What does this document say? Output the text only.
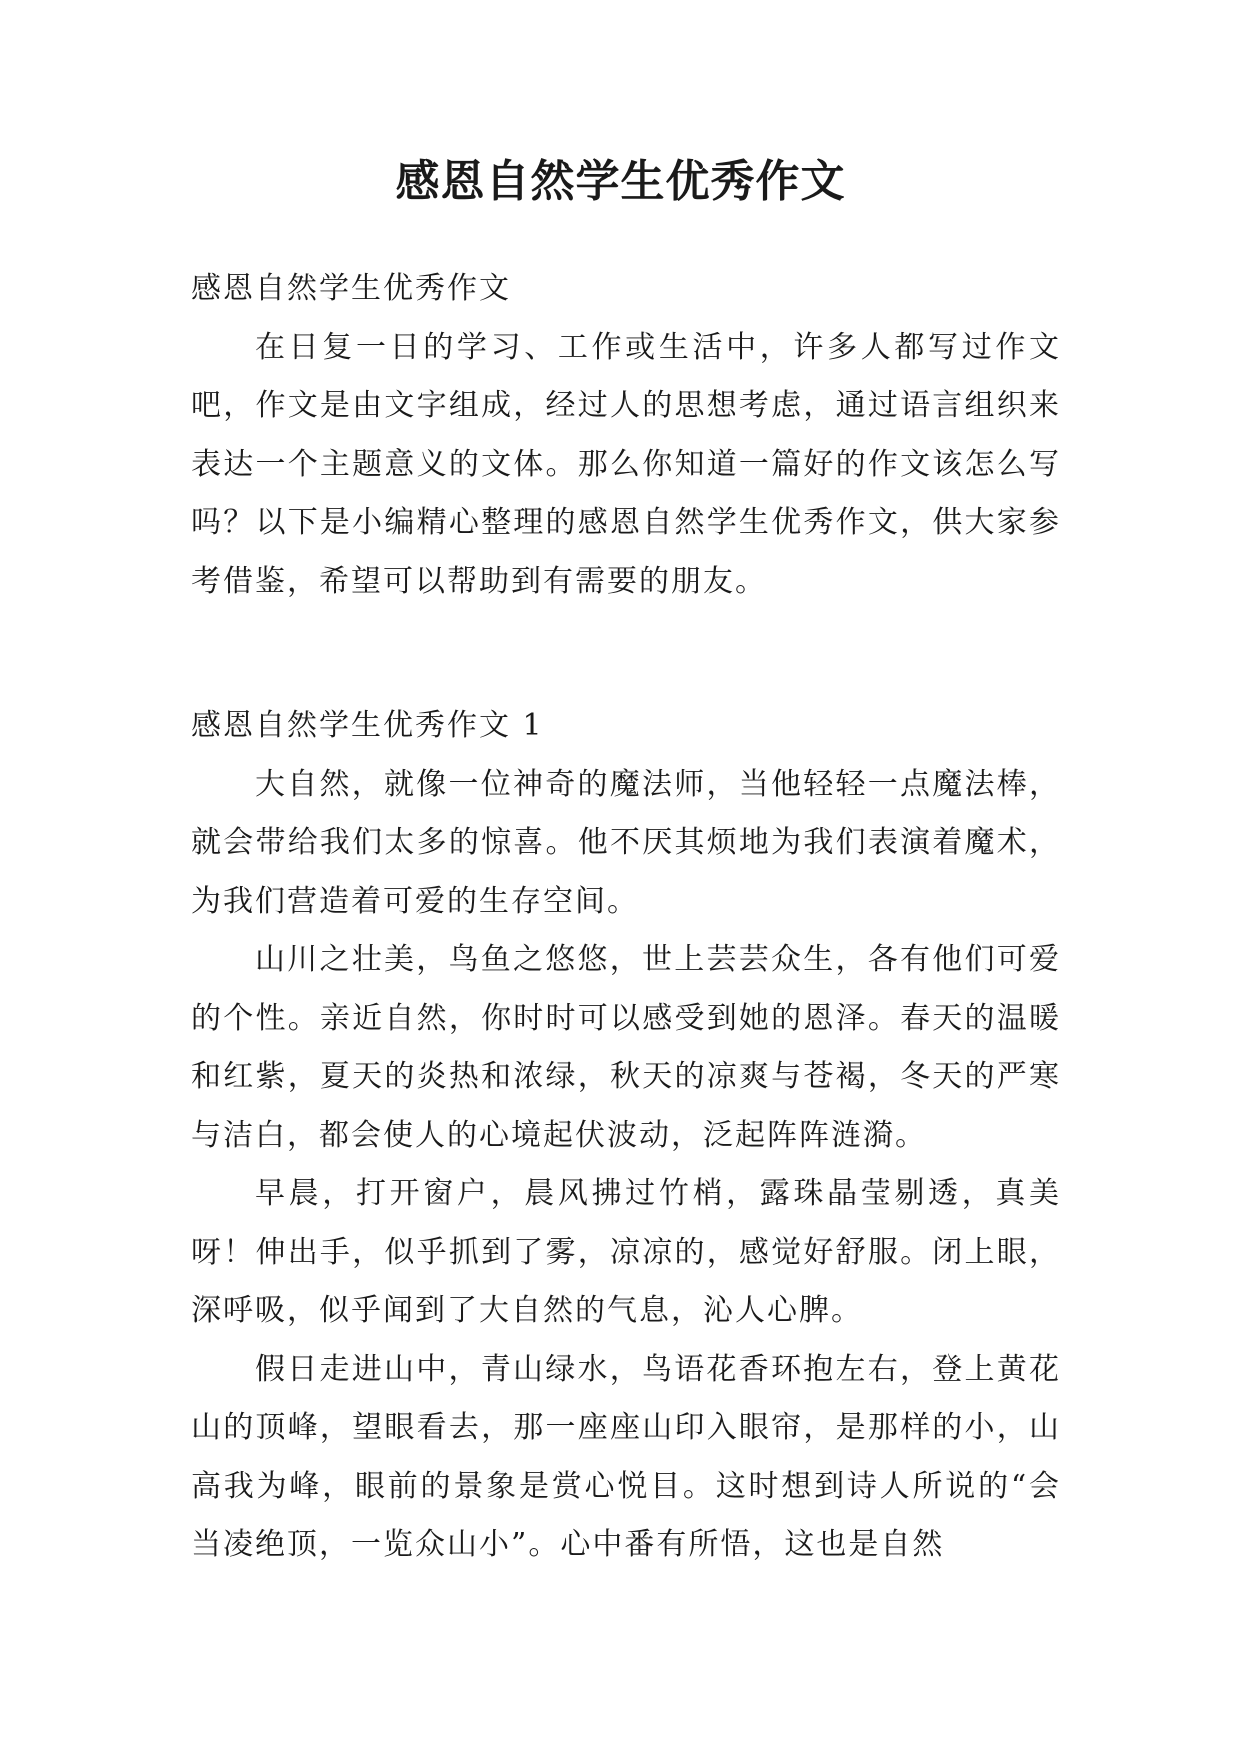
感恩自然学生优秀作文

感恩自然学生优秀作文

在日复一日的学习、工作或生活中，许多人都写过作文吧，作文是由文字组成，经过人的思想考虑，通过语言组织来表达一个主题意义的文体。那么你知道一篇好的作文该怎么写吗？以下是小编精心整理的感恩自然学生优秀作文，供大家参考借鉴，希望可以帮助到有需要的朋友。

感恩自然学生优秀作文 1

大自然，就像一位神奇的魔法师，当他轻轻一点魔法棒，就会带给我们太多的惊喜。他不厌其烦地为我们表演着魔术，为我们营造着可爱的生存空间。

山川之壮美，鸟鱼之悠悠，世上芸芸众生，各有他们可爱的个性。亲近自然，你时时可以感受到她的恩泽。春天的温暖和红紫，夏天的炎热和浓绿，秋天的凉爽与苍褐，冬天的严寒与洁白，都会使人的心境起伏波动，泛起阵阵涟漪。

早晨，打开窗户，晨风拂过竹梢，露珠晶莹剔透，真美呀！伸出手，似乎抓到了雾，凉凉的，感觉好舒服。闭上眼，深呼吸，似乎闻到了大自然的气息，沁人心脾。

假日走进山中，青山绿水，鸟语花香环抱左右，登上黄花山的顶峰，望眼看去，那一座座山印入眼帘，是那样的小，山高我为峰，眼前的景象是赏心悦目。这时想到诗人所说的“会当凌绝顶，一览众山小”。心中番有所悟，这也是自然
